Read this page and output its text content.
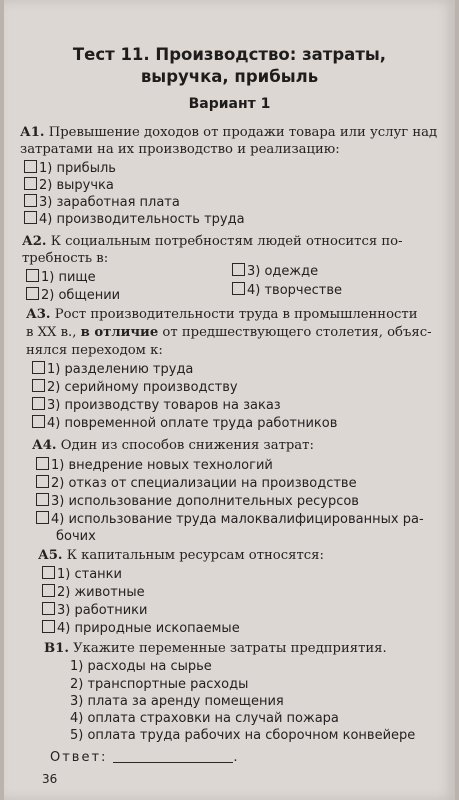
Тест 11. Производство: затраты,
выручка, прибыль
Вариант 1
А1. Превышение доходов от продажи товара или услуг над
затратами на их производство и реализацию:
1) прибыль
2) выручка
3) заработная плата
4) производительность труда
А2. К социальным потребностям людей относится по-
требность в:
1) пище
2) общении
3) одежде
4) творчестве
А3. Рост производительности труда в промышленности
в XX в., в отличие от предшествующего столетия, объяс-
нялся переходом к:
1) разделению труда
2) серийному производству
3) производству товаров на заказ
4) повременной оплате труда работников
А4. Один из способов снижения затрат:
1) внедрение новых технологий
2) отказ от специализации на производстве
3) использование дополнительных ресурсов
4) использование труда малоквалифицированных ра-
бочих
А5. К капитальным ресурсам относятся:
1) станки
2) животные
3) работники
4) природные ископаемые
В1. Укажите переменные затраты предприятия.
1) расходы на сырье
2) транспортные расходы
3) плата за аренду помещения
4) оплата страховки на случай пожара
5) оплата труда рабочих на сборочном конвейере
Ответ:	.
36
